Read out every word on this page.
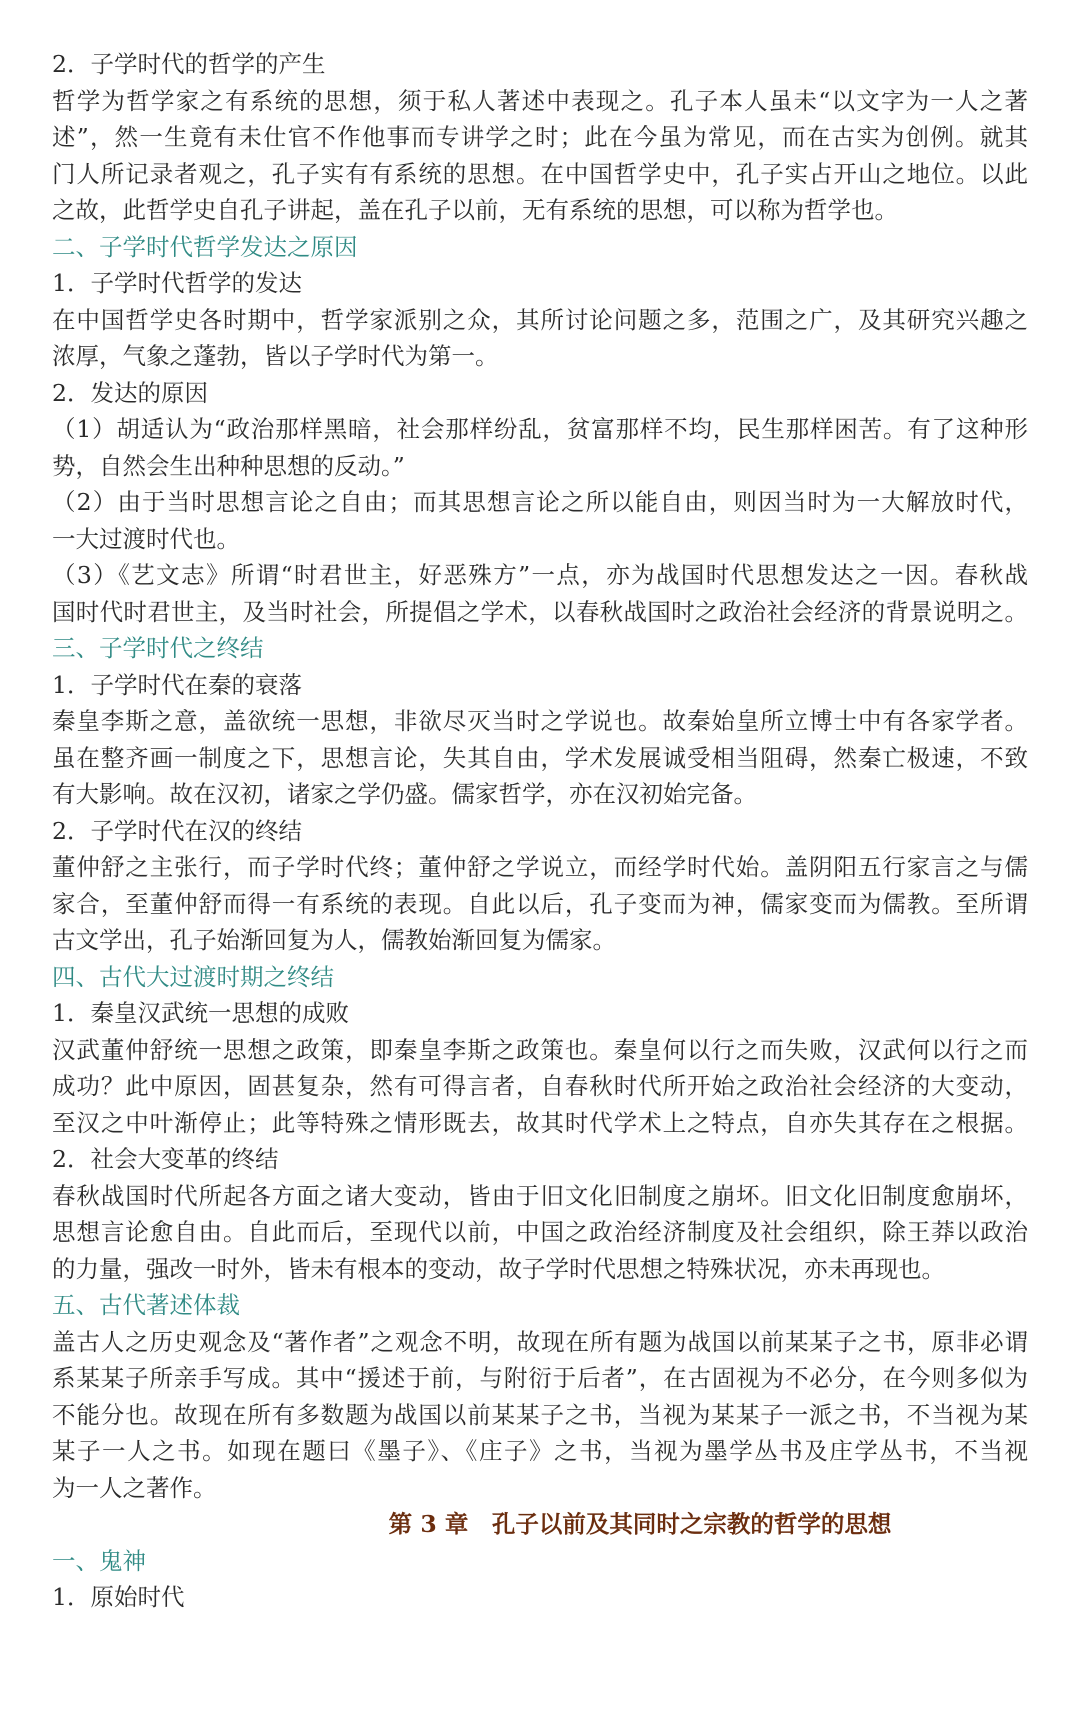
2．子学时代的哲学的产生
哲学为哲学家之有系统的思想，须于私人著述中表现之。孔子本人虽未“以文字为一人之著
述”，然一生竟有未仕官不作他事而专讲学之时；此在今虽为常见，而在古实为创例。就其
门人所记录者观之，孔子实有有系统的思想。在中国哲学史中，孔子实占开山之地位。以此
之故，此哲学史自孔子讲起，盖在孔子以前，无有系统的思想，可以称为哲学也。
二、子学时代哲学发达之原因
1．子学时代哲学的发达
在中国哲学史各时期中，哲学家派别之众，其所讨论问题之多，范围之广，及其研究兴趣之
浓厚，气象之蓬勃，皆以子学时代为第一。
2．发达的原因
（1）胡适认为“政治那样黑暗，社会那样纷乱，贫富那样不均，民生那样困苦。有了这种形
势，自然会生出种种思想的反动。”
（2）由于当时思想言论之自由；而其思想言论之所以能自由，则因当时为一大解放时代，
一大过渡时代也。
（3）《艺文志》所谓“时君世主，好恶殊方”一点，亦为战国时代思想发达之一因。春秋战
国时代时君世主，及当时社会，所提倡之学术，以春秋战国时之政治社会经济的背景说明之。
三、子学时代之终结
1．子学时代在秦的衰落
秦皇李斯之意，盖欲统一思想，非欲尽灭当时之学说也。故秦始皇所立博士中有各家学者。
虽在整齐画一制度之下，思想言论，失其自由，学术发展诚受相当阻碍，然秦亡极速，不致
有大影响。故在汉初，诸家之学仍盛。儒家哲学，亦在汉初始完备。
2．子学时代在汉的终结
董仲舒之主张行，而子学时代终；董仲舒之学说立，而经学时代始。盖阴阳五行家言之与儒
家合，至董仲舒而得一有系统的表现。自此以后，孔子变而为神，儒家变而为儒教。至所谓
古文学出，孔子始渐回复为人，儒教始渐回复为儒家。
四、古代大过渡时期之终结
1．秦皇汉武统一思想的成败
汉武董仲舒统一思想之政策，即秦皇李斯之政策也。秦皇何以行之而失败，汉武何以行之而
成功？此中原因，固甚复杂，然有可得言者，自春秋时代所开始之政治社会经济的大变动，
至汉之中叶渐停止；此等特殊之情形既去，故其时代学术上之特点，自亦失其存在之根据。
2．社会大变革的终结
春秋战国时代所起各方面之诸大变动，皆由于旧文化旧制度之崩坏。旧文化旧制度愈崩坏，
思想言论愈自由。自此而后，至现代以前，中国之政治经济制度及社会组织，除王莽以政治
的力量，强改一时外，皆未有根本的变动，故子学时代思想之特殊状况，亦未再现也。
五、古代著述体裁
盖古人之历史观念及“著作者”之观念不明，故现在所有题为战国以前某某子之书，原非必谓
系某某子所亲手写成。其中“援述于前，与附衍于后者”，在古固视为不必分，在今则多似为
不能分也。故现在所有多数题为战国以前某某子之书，当视为某某子一派之书，不当视为某
某子一人之书。如现在题曰《墨子》、《庄子》之书，当视为墨学丛书及庄学丛书，不当视
为一人之著作。
第 3 章　孔子以前及其同时之宗教的哲学的思想
一、鬼神
1．原始时代
